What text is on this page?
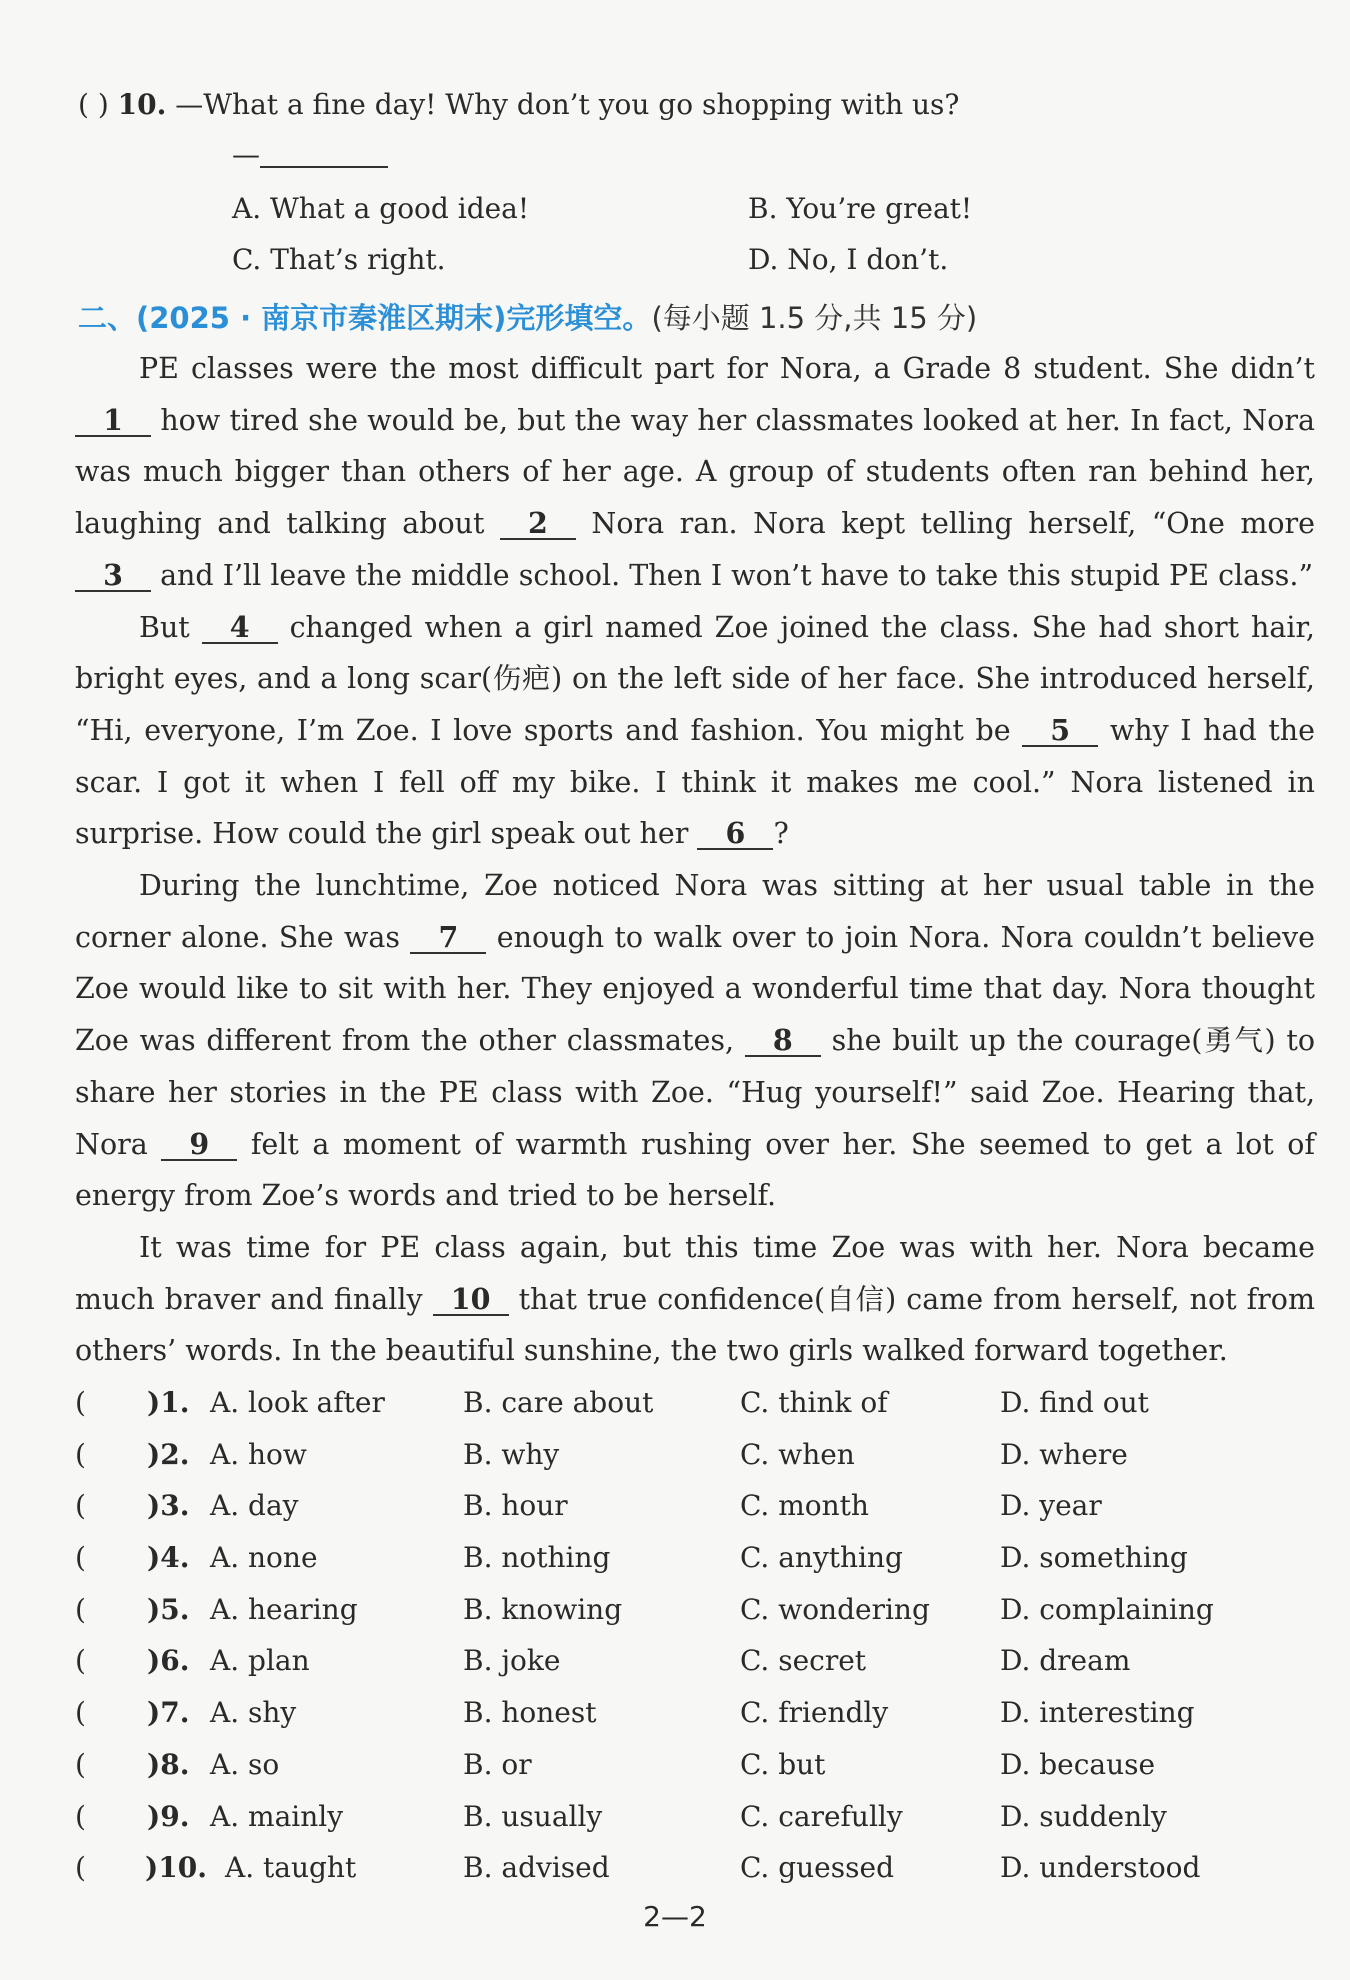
( ) 10. —What a fine day! Why don’t you go shopping with us?
—
A. What a good idea!	B. You’re great!
C. That’s right.	D. No, I don’t.
二、(2025 · 南京市秦淮区期末)完形填空。(每小题 1.5 分,共 15 分)

PE classes were the most difficult part for Nora, a Grade 8 student. She didn’t 1 how tired she would be, but the way her classmates looked at her. In fact, Nora was much bigger than others of her age. A group of students often ran behind her, laughing and talking about 2 Nora ran. Nora kept telling herself, “One more 3 and I’ll leave the middle school. Then I won’t have to take this stupid PE class.”

But 4 changed when a girl named Zoe joined the class. She had short hair, bright eyes, and a long scar(伤疤) on the left side of her face. She introduced herself, “Hi, everyone, I’m Zoe. I love sports and fashion. You might be 5 why I had the scar. I got it when I fell off my bike. I think it makes me cool.” Nora listened in surprise. How could the girl speak out her 6 ?

During the lunchtime, Zoe noticed Nora was sitting at her usual table in the corner alone. She was 7 enough to walk over to join Nora. Nora couldn’t believe Zoe would like to sit with her. They enjoyed a wonderful time that day. Nora thought Zoe was different from the other classmates, 8 she built up the courage(勇气) to share her stories in the PE class with Zoe. “Hug yourself!” said Zoe. Hearing that, Nora 9 felt a moment of warmth rushing over her. She seemed to get a lot of energy from Zoe’s words and tried to be herself.

It was time for PE class again, but this time Zoe was with her. Nora became much braver and finally 10 that true confidence(自信) came from herself, not from others’ words. In the beautiful sunshine, the two girls walked forward together.

( )1. A. look after	B. care about	C. think of	D. find out
( )2. A. how	B. why	C. when	D. where
( )3. A. day	B. hour	C. month	D. year
( )4. A. none	B. nothing	C. anything	D. something
( )5. A. hearing	B. knowing	C. wondering	D. complaining
( )6. A. plan	B. joke	C. secret	D. dream
( )7. A. shy	B. honest	C. friendly	D. interesting
( )8. A. so	B. or	C. but	D. because
( )9. A. mainly	B. usually	C. carefully	D. suddenly
( )10. A. taught	B. advised	C. guessed	D. understood
2—2
